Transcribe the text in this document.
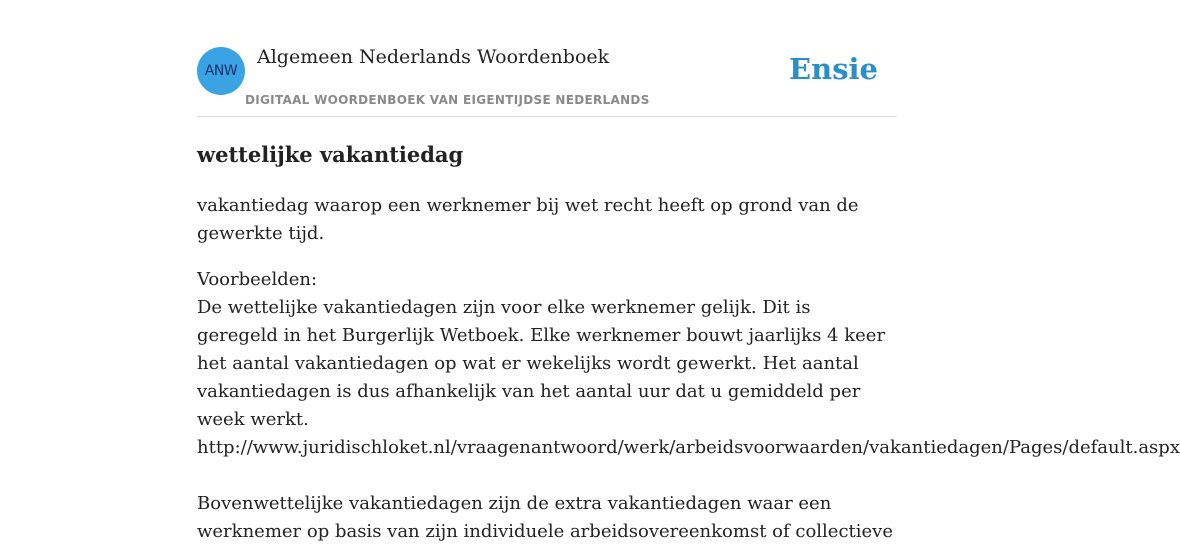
ANW
Algemeen Nederlands Woordenboek
DIGITAAL WOORDENBOEK VAN EIGENTIJDSE NEDERLANDS
Ensie
wettelijke vakantiedag
vakantiedag waarop een werknemer bij wet recht heeft op grond van de gewerkte tijd.
Voorbeelden:
De wettelijke vakantiedagen zijn voor elke werknemer gelijk. Dit is geregeld in het Burgerlijk Wetboek. Elke werknemer bouwt jaarlijks 4 keer het aantal vakantiedagen op wat er wekelijks wordt gewerkt. Het aantal vakantiedagen is dus afhankelijk van het aantal uur dat u gemiddeld per week werkt.
http://www.juridischloket.nl/vraagenantwoord/werk/arbeidsvoorwaarden/vakantiedagen/Pages/default.aspx
Bovenwettelijke vakantiedagen zijn de extra vakantiedagen waar een werknemer op basis van zijn individuele arbeidsovereenkomst of collectieve
